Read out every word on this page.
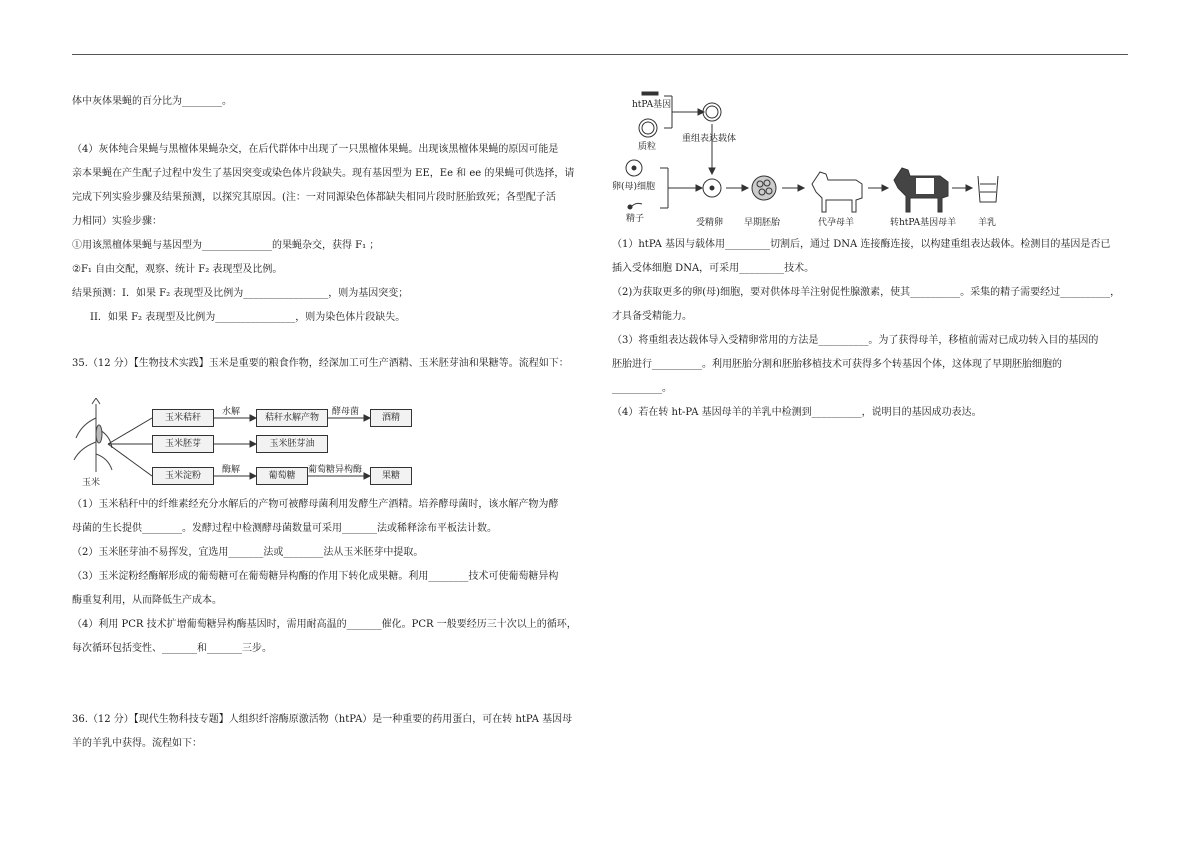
体中灰体果蝇的百分比为________。
（4）灰体纯合果蝇与黑檀体果蝇杂交，在后代群体中出现了一只黑檀体果蝇。出现该黑檀体果蝇的原因可能是
亲本果蝇在产生配子过程中发生了基因突变或染色体片段缺失。现有基因型为 EE，Ee 和 ee 的果蝇可供选择，请
完成下列实验步骤及结果预测，以探究其原因。(注：一对同源染色体都缺失相同片段时胚胎致死；各型配子活
力相同）实验步骤：
①用该黑檀体果蝇与基因型为______________的果蝇杂交，获得 F₁ ；
②F₁ 自由交配，观察、统计 F₂ 表现型及比例。
结果预测：I．如果 F₂ 表现型及比例为_________________，则为基因突变；
II．如果 F₂ 表现型及比例为________________，则为染色体片段缺失。
35.（12 分）【生物技术实践】玉米是重要的粮食作物，经深加工可生产酒精、玉米胚芽油和果糖等。流程如下：
玉米
玉米秸秆
玉米胚芽
玉米淀粉
秸秆水解产物
玉米胚芽油
葡萄糖
酒精
果糖
水解	酵母菌
酶解	葡萄糖异构酶
（1）玉米秸秆中的纤维素经充分水解后的产物可被酵母菌利用发酵生产酒精。培养酵母菌时，该水解产物为酵
母菌的生长提供________。发酵过程中检测酵母菌数量可采用_______法或稀释涂布平板法计数。
（2）玉米胚芽油不易挥发，宜选用_______法或________法从玉米胚芽中提取。
（3）玉米淀粉经酶解形成的葡萄糖可在葡萄糖异构酶的作用下转化成果糖。利用________技术可使葡萄糖异构
酶重复利用，从而降低生产成本。
（4）利用 PCR 技术扩增葡萄糖异构酶基因时，需用耐高温的_______催化。PCR 一般要经历三十次以上的循环，
每次循环包括变性、_______和_______三步。
36.（12 分）【现代生物科技专题】人组织纤溶酶原激活物（htPA）是一种重要的药用蛋白，可在转 htPA 基因母
羊的羊乳中获得。流程如下：
htPA基因
质粒
重组表达载体
卵(母)细胞
精子	受精卵 早期胚胎	代孕母羊	转htPA基因母羊 羊乳
（1）htPA 基因与载体用_________切割后，通过 DNA 连接酶连接，以构建重组表达载体。检测目的基因是否已
插入受体细胞 DNA，可采用_________技术。
（2)为获取更多的卵(母)细胞，要对供体母羊注射促性腺激素，使其__________。采集的精子需要经过__________，
才具备受精能力。
（3）将重组表达载体导入受精卵常用的方法是__________。为了获得母羊，移植前需对已成功转入目的基因的
胚胎进行__________。利用胚胎分割和胚胎移植技术可获得多个转基因个体，这体现了早期胚胎细胞的
__________。
（4）若在转 ht-PA 基因母羊的羊乳中检测到__________，说明目的基因成功表达。
